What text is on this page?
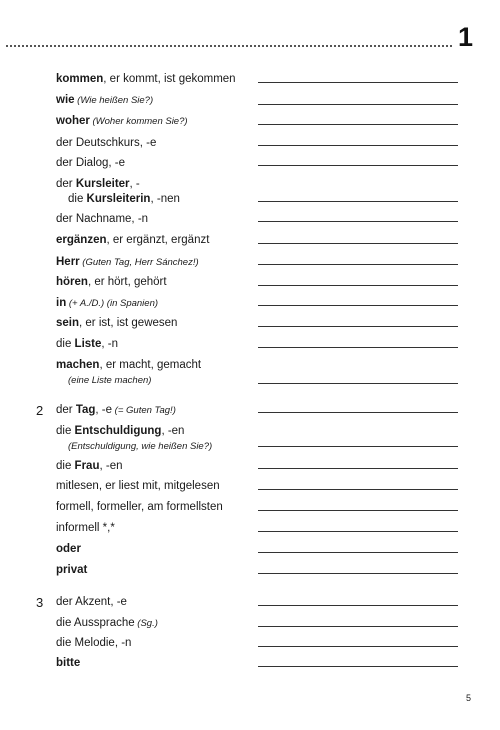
1
kommen, er kommt, ist gekommen
wie (Wie heißen Sie?)
woher (Woher kommen Sie?)
der Deutschkurs, -e
der Dialog, -e
der Kursleiter, -
die Kursleiterin, -nen
der Nachname, -n
ergänzen, er ergänzt, ergänzt
Herr (Guten Tag, Herr Sánchez!)
hören, er hört, gehört
in (+ A./D.) (in Spanien)
sein, er ist, ist gewesen
die Liste, -n
machen, er macht, gemacht
(eine Liste machen)
2 der Tag, -e (= Guten Tag!)
die Entschuldigung, -en
(Entschuldigung, wie heißen Sie?)
die Frau, -en
mitlesen, er liest mit, mitgelesen
formell, formeller, am formellsten
informell *,*
oder
privat
3 der Akzent, -e
die Aussprache (Sg.)
die Melodie, -n
bitte
5
